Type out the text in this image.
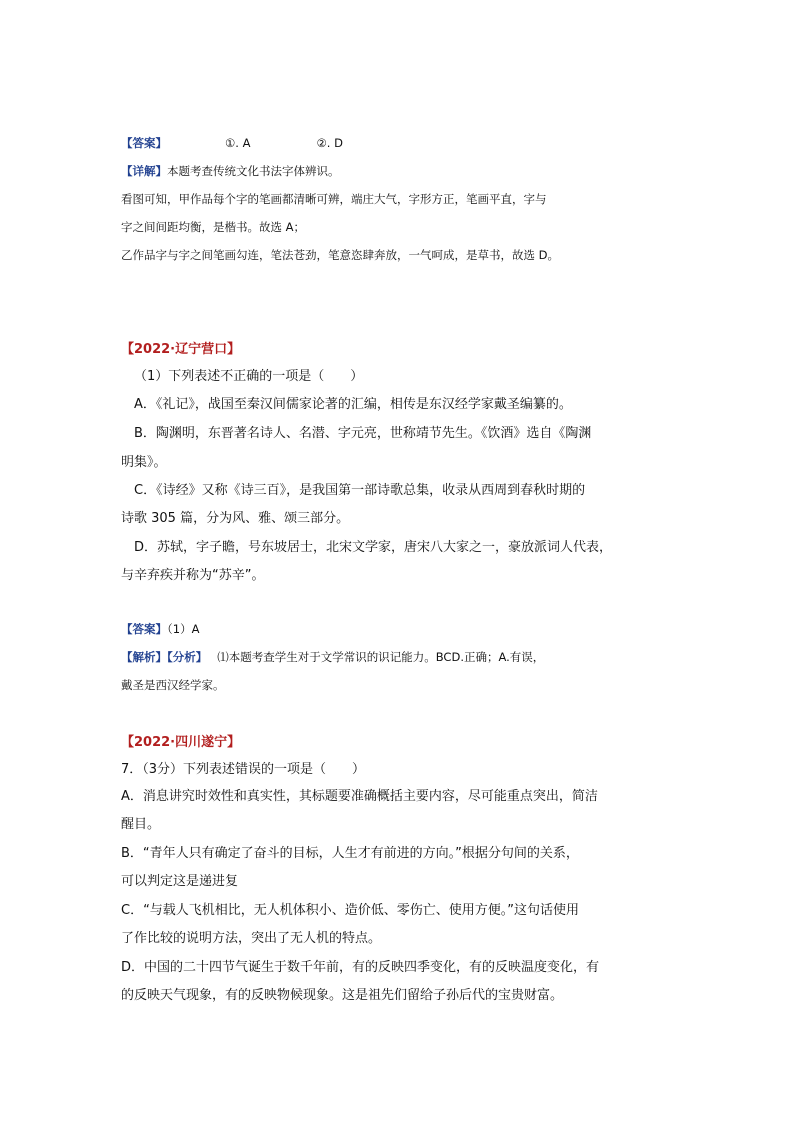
【答案】	①. A	②. D
【详解】本题考查传统文化书法字体辨识。
看图可知，甲作品每个字的笔画都清晰可辨，端庄大气，字形方正，笔画平直，字与
字之间间距均衡，是楷书。故选 A；
乙作品字与字之间笔画勾连，笔法苍劲，笔意恣肆奔放，一气呵成，是草书，故选 D。
【2022·辽宁营口】
（1）下列表述不正确的一项是（　　）
A．《礼记》，战国至秦汉间儒家论著的汇编，相传是东汉经学家戴圣编纂的。
B．陶渊明，东晋著名诗人、名潜、字元亮，世称靖节先生。《饮酒》选自《陶渊
明集》。
C．《诗经》又称《诗三百》，是我国第一部诗歌总集，收录从西周到春秋时期的
诗歌 305 篇，分为风、雅、颂三部分。
D．苏轼，字子瞻，号东坡居士，北宋文学家，唐宋八大家之一，豪放派词人代表，
与辛弃疾并称为“苏辛”。
【答案】（1）A
【解析】【分析】 ⑴本题考查学生对于文学常识的识记能力。BCD.正确；A.有误，
戴圣是西汉经学家。
【2022·四川遂宁】
7．（3分）下列表述错误的一项是（　　）
A．消息讲究时效性和真实性，其标题要准确概括主要内容，尽可能重点突出，简洁
醒目。
B．“青年人只有确定了奋斗的目标，人生才有前进的方向。”根据分句间的关系，
可以判定这是递进复
C．“与载人飞机相比，无人机体积小、造价低、零伤亡、使用方便。”这句话使用
了作比较的说明方法，突出了无人机的特点。
D．中国的二十四节气诞生于数千年前，有的反映四季变化，有的反映温度变化，有
的反映天气现象，有的反映物候现象。这是祖先们留给子孙后代的宝贵财富。
